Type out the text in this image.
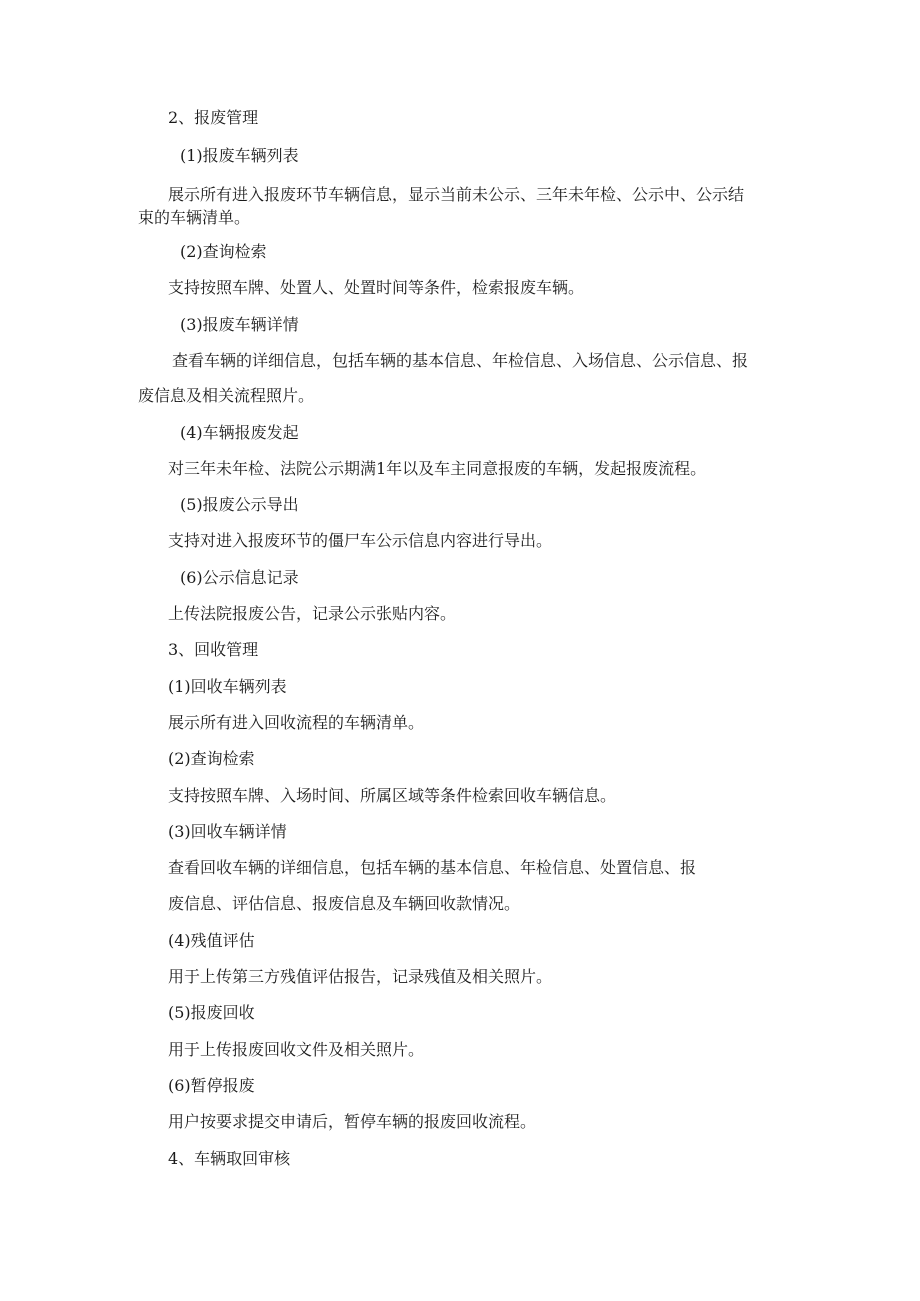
2、报废管理
(1)报废车辆列表
展示所有进入报废环节车辆信息，显示当前未公示、三年未年检、公示中、公示结
束的车辆清单。
(2)查询检索
支持按照车牌、处置人、处置时间等条件，检索报废车辆。
(3)报废车辆详情
查看车辆的详细信息，包括车辆的基本信息、年检信息、入场信息、公示信息、报
废信息及相关流程照片。
(4)车辆报废发起
对三年未年检、法院公示期满1年以及车主同意报废的车辆，发起报废流程。
(5)报废公示导出
支持对进入报废环节的僵尸车公示信息内容进行导出。
(6)公示信息记录
上传法院报废公告，记录公示张贴内容。
3、回收管理
(1)回收车辆列表
展示所有进入回收流程的车辆清单。
(2)查询检索
支持按照车牌、入场时间、所属区域等条件检索回收车辆信息。
(3)回收车辆详情
查看回收车辆的详细信息，包括车辆的基本信息、年检信息、处置信息、报
废信息、评估信息、报废信息及车辆回收款情况。
(4)残值评估
用于上传第三方残值评估报告，记录残值及相关照片。
(5)报废回收
用于上传报废回收文件及相关照片。
(6)暂停报废
用户按要求提交申请后，暂停车辆的报废回收流程。
4、车辆取回审核
